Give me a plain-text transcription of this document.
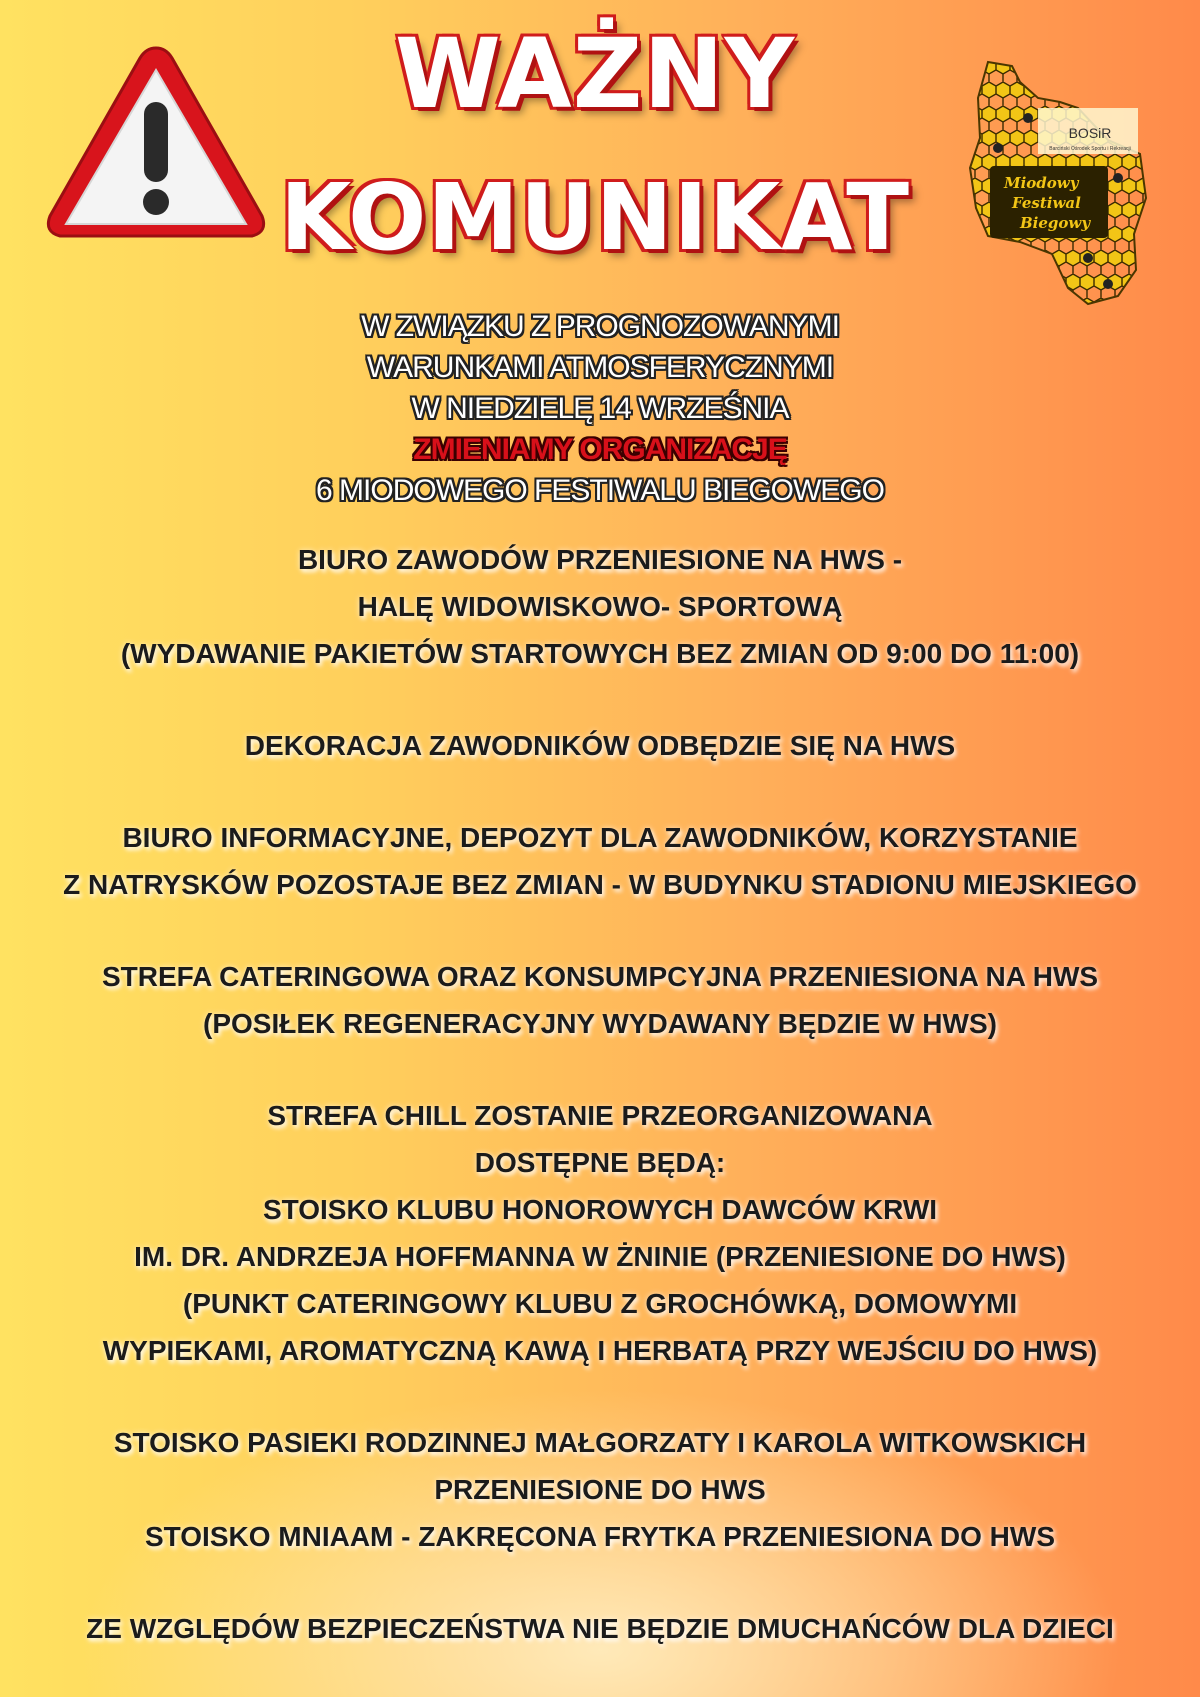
WAŻNY
KOMUNIKAT
BOSiR
Barciński Ośrodek Sportu i Rekreacji
Miodowy
Festiwal
Biegowy
W ZWIĄZKU Z PROGNOZOWANYMI
WARUNKAMI ATMOSFERYCZNYMI
W NIEDZIELĘ 14 WRZEŚNIA
ZMIENIAMY ORGANIZACJĘ
6 MIODOWEGO FESTIWALU BIEGOWEGO
BIURO ZAWODÓW PRZENIESIONE NA HWS -
HALĘ WIDOWISKOWO- SPORTOWĄ
(WYDAWANIE PAKIETÓW STARTOWYCH BEZ ZMIAN OD 9:00 DO 11:00)
DEKORACJA ZAWODNIKÓW ODBĘDZIE SIĘ NA HWS
BIURO INFORMACYJNE, DEPOZYT DLA ZAWODNIKÓW, KORZYSTANIE
Z NATRYSKÓW POZOSTAJE BEZ ZMIAN - W BUDYNKU STADIONU MIEJSKIEGO
STREFA CATERINGOWA ORAZ KONSUMPCYJNA PRZENIESIONA NA HWS
(POSIŁEK REGENERACYJNY WYDAWANY BĘDZIE W HWS)
STREFA CHILL ZOSTANIE PRZEORGANIZOWANA
DOSTĘPNE BĘDĄ:
STOISKO KLUBU HONOROWYCH DAWCÓW KRWI
IM. DR. ANDRZEJA HOFFMANNA W ŻNINIE (PRZENIESIONE DO HWS)
(PUNKT CATERINGOWY KLUBU Z GROCHÓWKĄ, DOMOWYMI
WYPIEKAMI, AROMATYCZNĄ KAWĄ I HERBATĄ PRZY WEJŚCIU DO HWS)
STOISKO PASIEKI RODZINNEJ MAŁGORZATY I KAROLA WITKOWSKICH
PRZENIESIONE DO HWS
STOISKO MNIAAM - ZAKRĘCONA FRYTKA PRZENIESIONA DO HWS
ZE WZGLĘDÓW BEZPIECZEŃSTWA NIE BĘDZIE DMUCHAŃCÓW DLA DZIECI
